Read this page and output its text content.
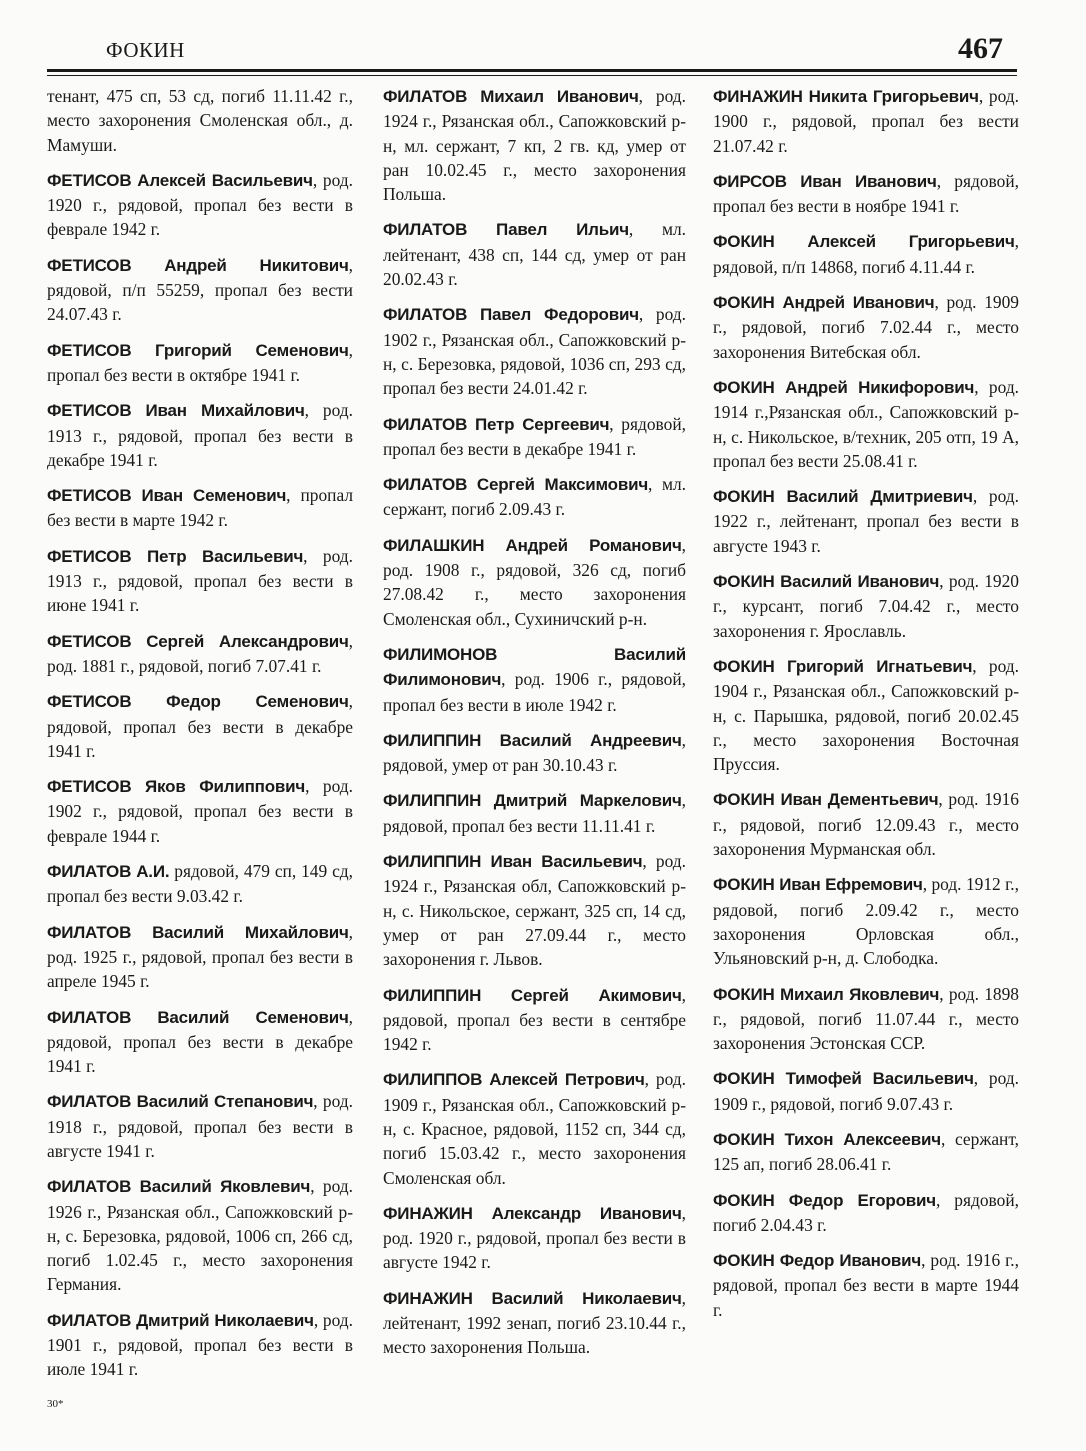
ФОКИН	467

тенант, 475 сп, 53 сд, погиб 11.11.42 г., место захоронения Смоленская обл., д. Мамуши.

ФЕТИСОВ Алексей Васильевич, род. 1920 г., рядовой, пропал без вести в феврале 1942 г.

ФЕТИСОВ Андрей Никитович, рядовой, п/п 55259, пропал без вести 24.07.43 г.

ФЕТИСОВ Григорий Семенович, пропал без вести в октябре 1941 г.

ФЕТИСОВ Иван Михайлович, род. 1913 г., рядовой, пропал без вести в декабре 1941 г.

ФЕТИСОВ Иван Семенович, пропал без вести в марте 1942 г.

ФЕТИСОВ Петр Васильевич, род. 1913 г., рядовой, пропал без вести в июне 1941 г.

ФЕТИСОВ Сергей Александрович, род. 1881 г., рядовой, погиб 7.07.41 г.

ФЕТИСОВ Федор Семенович, рядовой, пропал без вести в декабре 1941 г.

ФЕТИСОВ Яков Филиппович, род. 1902 г., рядовой, пропал без вести в феврале 1944 г.

ФИЛАТОВ А.И. рядовой, 479 сп, 149 сд, пропал без вести 9.03.42 г.

ФИЛАТОВ Василий Михайлович, род. 1925 г., рядовой, пропал без вести в апреле 1945 г.

ФИЛАТОВ Василий Семенович, рядовой, пропал без вести в декабре 1941 г.

ФИЛАТОВ Василий Степанович, род. 1918 г., рядовой, пропал без вести в августе 1941 г.

ФИЛАТОВ Василий Яковлевич, род. 1926 г., Рязанская обл., Сапожковский р-н, с. Березовка, рядовой, 1006 сп, 266 сд, погиб 1.02.45 г., место захоронения Германия.

ФИЛАТОВ Дмитрий Николаевич, род. 1901 г., рядовой, пропал без вести в июле 1941 г.

ФИЛАТОВ Михаил Иванович, род. 1924 г., Рязанская обл., Сапожковский р-н, мл. сержант, 7 кп, 2 гв. кд, умер от ран 10.02.45 г., место захоронения Польша.

ФИЛАТОВ Павел Ильич, мл. лейтенант, 438 сп, 144 сд, умер от ран 20.02.43 г.

ФИЛАТОВ Павел Федорович, род. 1902 г., Рязанская обл., Сапожковский р-н, с. Березовка, рядовой, 1036 сп, 293 сд, пропал без вести 24.01.42 г.

ФИЛАТОВ Петр Сергеевич, рядовой, пропал без вести в декабре 1941 г.

ФИЛАТОВ Сергей Максимович, мл. сержант, погиб 2.09.43 г.

ФИЛАШКИН Андрей Романович, род. 1908 г., рядовой, 326 сд, погиб 27.08.42 г., место захоронения Смоленская обл., Сухиничский р-н.

ФИЛИМОНОВ Василий Филимонович, род. 1906 г., рядовой, пропал без вести в июле 1942 г.

ФИЛИППИН Василий Андреевич, рядовой, умер от ран 30.10.43 г.

ФИЛИППИН Дмитрий Маркелович, рядовой, пропал без вести 11.11.41 г.

ФИЛИППИН Иван Васильевич, род. 1924 г., Рязанская обл, Сапожковский р-н, с. Никольское, сержант, 325 сп, 14 сд, умер от ран 27.09.44 г., место захоронения г. Львов.

ФИЛИППИН Сергей Акимович, рядовой, пропал без вести в сентябре 1942 г.

ФИЛИППОВ Алексей Петрович, род. 1909 г., Рязанская обл., Сапожковский р-н, с. Красное, рядовой, 1152 сп, 344 сд, погиб 15.03.42 г., место захоронения Смоленская обл.

ФИНАЖИН Александр Иванович, род. 1920 г., рядовой, пропал без вести в августе 1942 г.

ФИНАЖИН Василий Николаевич, лейтенант, 1992 зенап, погиб 23.10.44 г., место захоронения Польша.

ФИНАЖИН Никита Григорьевич, род. 1900 г., рядовой, пропал без вести 21.07.42 г.

ФИРСОВ Иван Иванович, рядовой, пропал без вести в ноябре 1941 г.

ФОКИН Алексей Григорьевич, рядовой, п/п 14868, погиб 4.11.44 г.

ФОКИН Андрей Иванович, род. 1909 г., рядовой, погиб 7.02.44 г., место захоронения Витебская обл.

ФОКИН Андрей Никифорович, род. 1914 г.,Рязанская обл., Сапожковский р-н, с. Никольское, в/техник, 205 отп, 19 А, пропал без вести 25.08.41 г.

ФОКИН Василий Дмитриевич, род. 1922 г., лейтенант, пропал без вести в августе 1943 г.

ФОКИН Василий Иванович, род. 1920 г., курсант, погиб 7.04.42 г., место захоронения г. Ярославль.

ФОКИН Григорий Игнатьевич, род. 1904 г., Рязанская обл., Сапожковский р-н, с. Парышка, рядовой, погиб 20.02.45 г., место захоронения Восточная Пруссия.

ФОКИН Иван Дементьевич, род. 1916 г., рядовой, погиб 12.09.43 г., место захоронения Мурманская обл.

ФОКИН Иван Ефремович, род. 1912 г., рядовой, погиб 2.09.42 г., место захоронения Орловская обл., Ульяновский р-н, д. Слободка.

ФОКИН Михаил Яковлевич, род. 1898 г., рядовой, погиб 11.07.44 г., место захоронения Эстонская ССР.

ФОКИН Тимофей Васильевич, род. 1909 г., рядовой, погиб 9.07.43 г.

ФОКИН Тихон Алексеевич, сержант, 125 ап, погиб 28.06.41 г.

ФОКИН Федор Егорович, рядовой, погиб 2.04.43 г.

ФОКИН Федор Иванович, род. 1916 г., рядовой, пропал без вести в марте 1944 г.

30*
